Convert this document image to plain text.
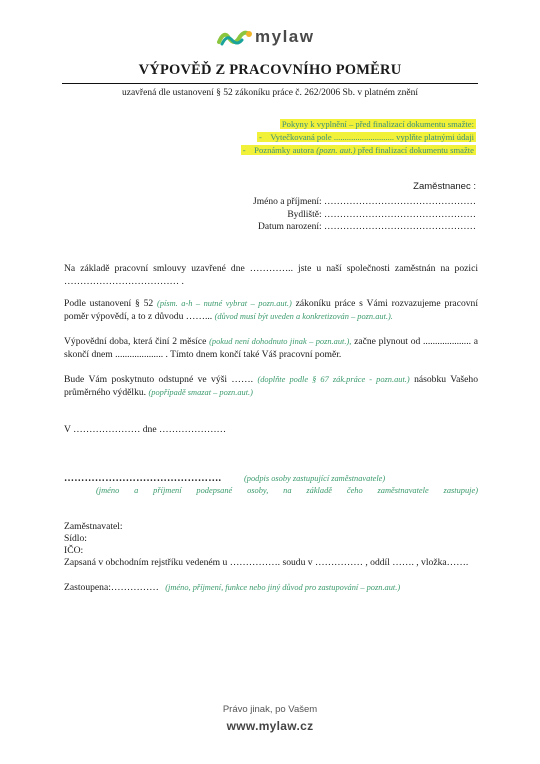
mylaw
VÝPOVĚĎ Z PRACOVNÍHO POMĚRU
uzavřená dle ustanovení § 52 zákoníku práce č. 262/2006 Sb. v platném znění
Pokyny k vyplnění – před finalizací dokumentu smažte:
-    Vytečkovaná pole ............................ vyplňte platnými údaji
-    Poznámky autora (pozn. aut.) před finalizací dokumentu smažte
Zaměstnanec :
Jméno a příjmení: …………………………………………
Bydliště: …………………………………………
Datum narození: …………………………………………
Na základě pracovní smlouvy uzavřené dne ………….. jste u naší společnosti zaměstnán na pozici ……………………………… .
Podle ustanovení § 52 (písm. a-h – nutné vybrat – pozn.aut.) zákoníku práce s Vámi rozvazujeme pracovní poměr výpovědí, a to z důvodu ……... (důvod musí být uveden a konkretizován – pozn.aut.).
Výpovědní doba, která činí 2 měsíce (pokud není dohodnuto jinak – pozn.aut.), začne plynout od .................... a skončí dnem .................... . Tímto dnem končí také Váš pracovní poměr.
Bude Vám poskytnuto odstupné ve výši ……. (doplňte podle § 67 zák.práce - pozn.aut.) násobku Vašeho průměrného výdělku. (popřípadě smazat – pozn.aut.)
V ………………… dne …………………
……………………………………….	(podpis osoby zastupující zaměstnavatele)
(jméno a příjmení podepsané osoby, na základě čeho zaměstnavatele zastupuje)
Zaměstnavatel:
Sídlo:
IČO:
Zapsaná v obchodním rejstříku vedeném u ……………. soudu v …………… , oddíl ……. , vložka…….
Zastoupena:…………… (jméno, příjmení, funkce nebo jiný důvod pro zastupování – pozn.aut.)
Právo jinak, po Vašem
www.mylaw.cz
